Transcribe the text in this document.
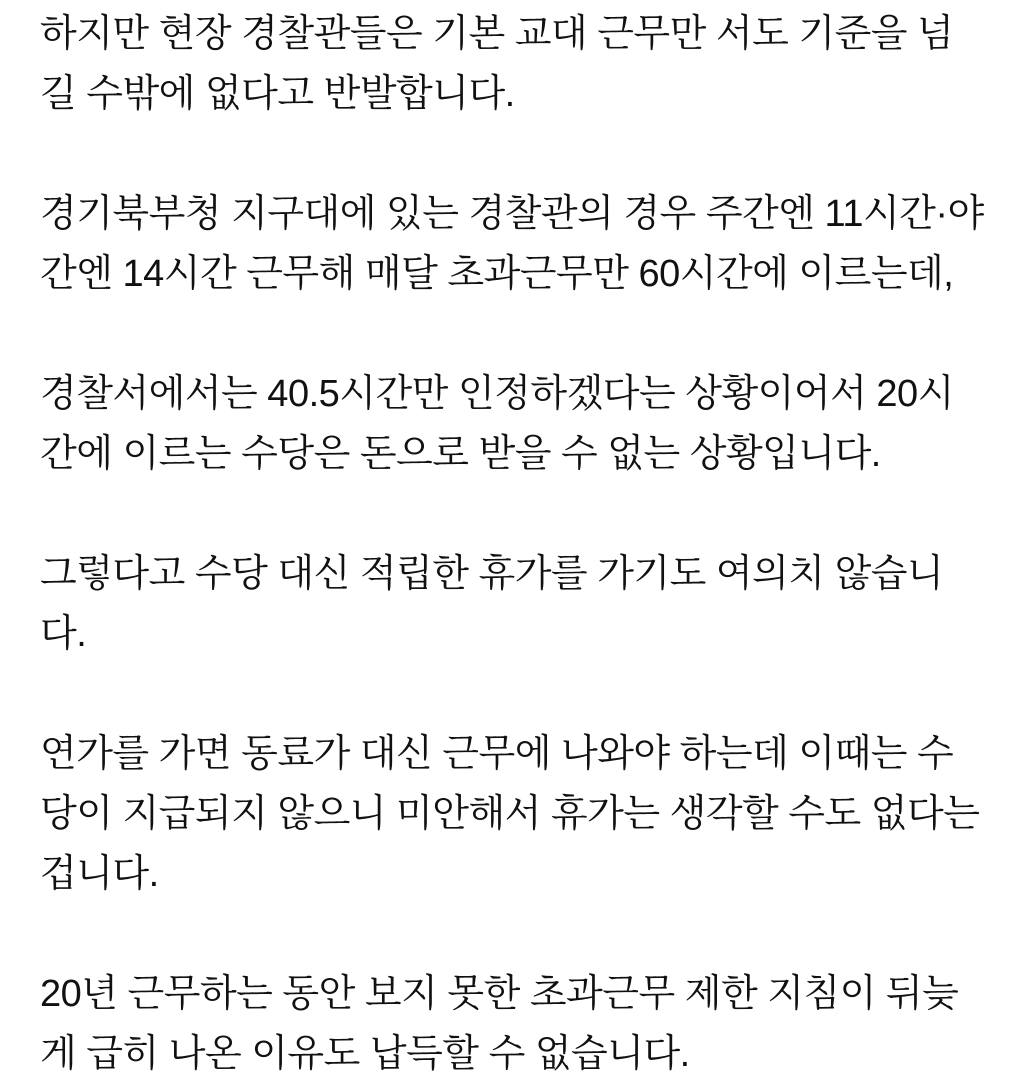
하지만 현장 경찰관들은 기본 교대 근무만 서도 기준을 넘길 수밖에 없다고 반발합니다.

경기북부청 지구대에 있는 경찰관의 경우 주간엔 11시간·야간엔 14시간 근무해 매달 초과근무만 60시간에 이르는데,

경찰서에서는 40.5시간만 인정하겠다는 상황이어서 20시간에 이르는 수당은 돈으로 받을 수 없는 상황입니다.

그렇다고 수당 대신 적립한 휴가를 가기도 여의치 않습니다.

연가를 가면 동료가 대신 근무에 나와야 하는데 이때는 수당이 지급되지 않으니 미안해서 휴가는 생각할 수도 없다는 겁니다.

20년 근무하는 동안 보지 못한 초과근무 제한 지침이 뒤늦게 급히 나온 이유도 납득할 수 없습니다.
